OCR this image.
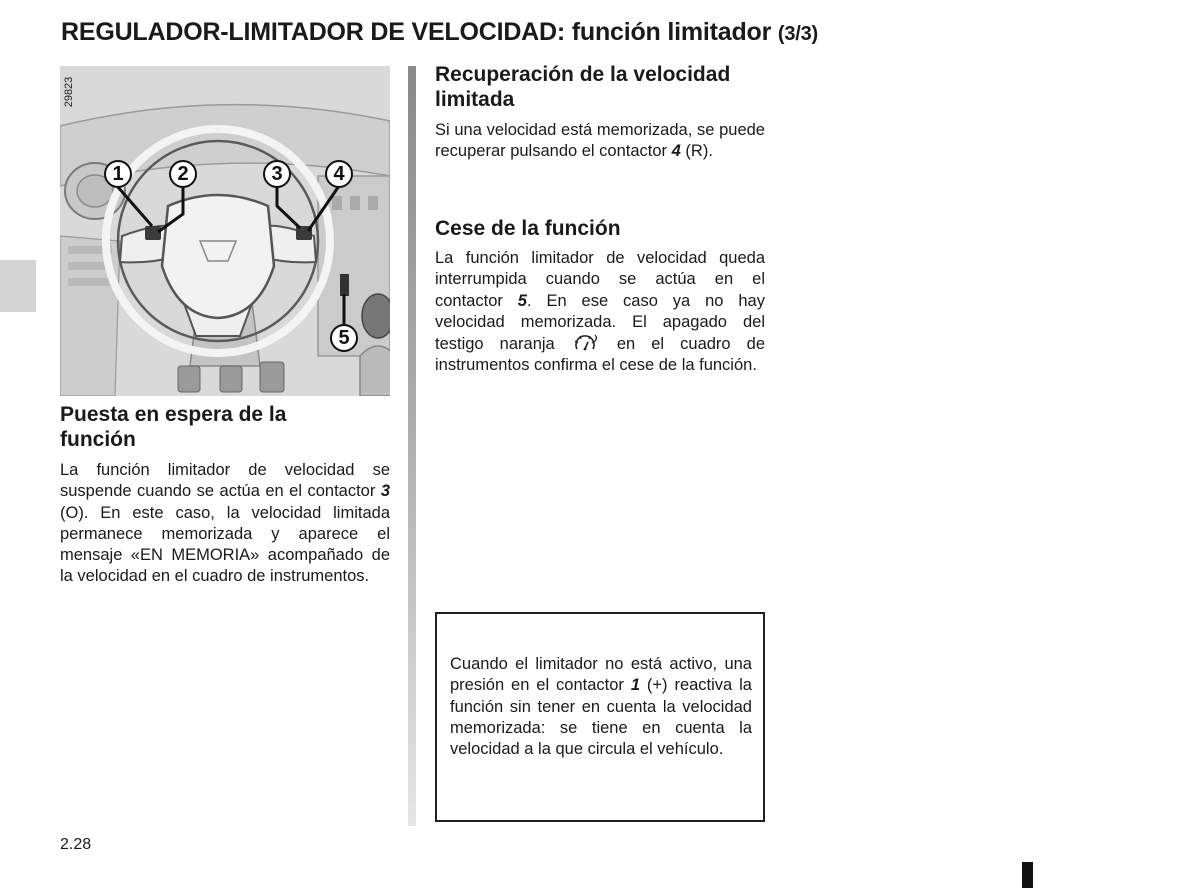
REGULADOR-LIMITADOR DE VELOCIDAD: función limitador (3/3)
1	2	3	4
5
29823
Puesta en espera de la
función

La función limitador de velocidad se suspende cuando se actúa en el contactor 3 (O). En este caso, la velocidad limitada permanece memorizada y aparece el mensaje «EN MEMORIA» acompañado de la velocidad en el cuadro de instrumentos.

Recuperación de la velocidad
limitada

Si una velocidad está memorizada, se puede recuperar pulsando el contactor 4 (R).

Cese de la función

La función limitador de velocidad queda interrumpida cuando se actúa en el contactor 5. En ese caso ya no hay velocidad memorizada. El apagado del testigo naranja  en el cuadro de instrumentos confirma el cese de la función.

Cuando el limitador no está activo, una presión en el contactor 1 (+) reactiva la función sin tener en cuenta la velocidad memorizada: se tiene en cuenta la velocidad a la que circula el vehículo.

2.28
